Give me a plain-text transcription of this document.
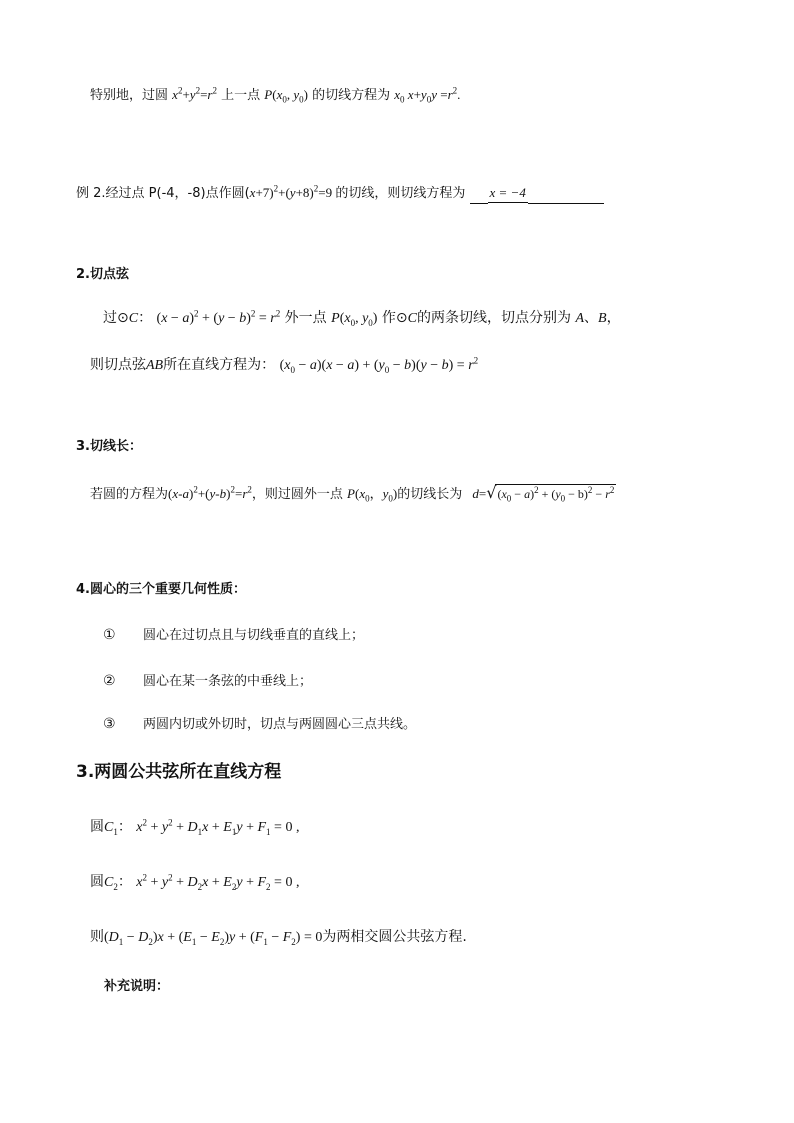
特别地，过圆 $x^2+y^2=r^2$ 上一点 $P(x_0$, $y_0$) 的切线方程为 $x_0$ $x+y_0y =r^2$.
例 2.经过点 P(-4，-8)点作圆$(x+7)^2+(y+8)^2=9$ 的切线，则切线方程为 x = −4
2.切点弦
过⊙C： $(x - a)^2 + (y - b)^2 = r^2$ 外一点 $P(x_0$, $y_0$) 作⊙C的两条切线，切点分别为 A、B，
则切点弦AB所在直线方程为： $(x_0 - a)(x - a) + (y_0 - b)(y - b) = r^2$
3.切线长：
若圆的方程为$(x-a)^2+(y-b)^2=r^2$，则过圆外一点 $P(x_0$，$y_0$)的切线长为 $d=√(x_0 - a)^2 + (y_0 - b)^2 - r^2$
4.圆心的三个重要几何性质：
① 圆心在过切点且与切线垂直的直线上；
② 圆心在某一条弦的中垂线上；
③ 两圆内切或外切时，切点与两圆圆心三点共线。
3.两圆公共弦所在直线方程
圆$C_1$： $x^2 + y^2 + D_1x + E_1y + F_1 = 0$ ,
圆$C_2$： $x^2 + y^2 + D_2x + E_2y + F_2 = 0$ ,
则$(D_1 - D_2)x + (E_1 - E_2)y + (F_1 - F_2) = 0$为两相交圆公共弦方程.
补充说明：
